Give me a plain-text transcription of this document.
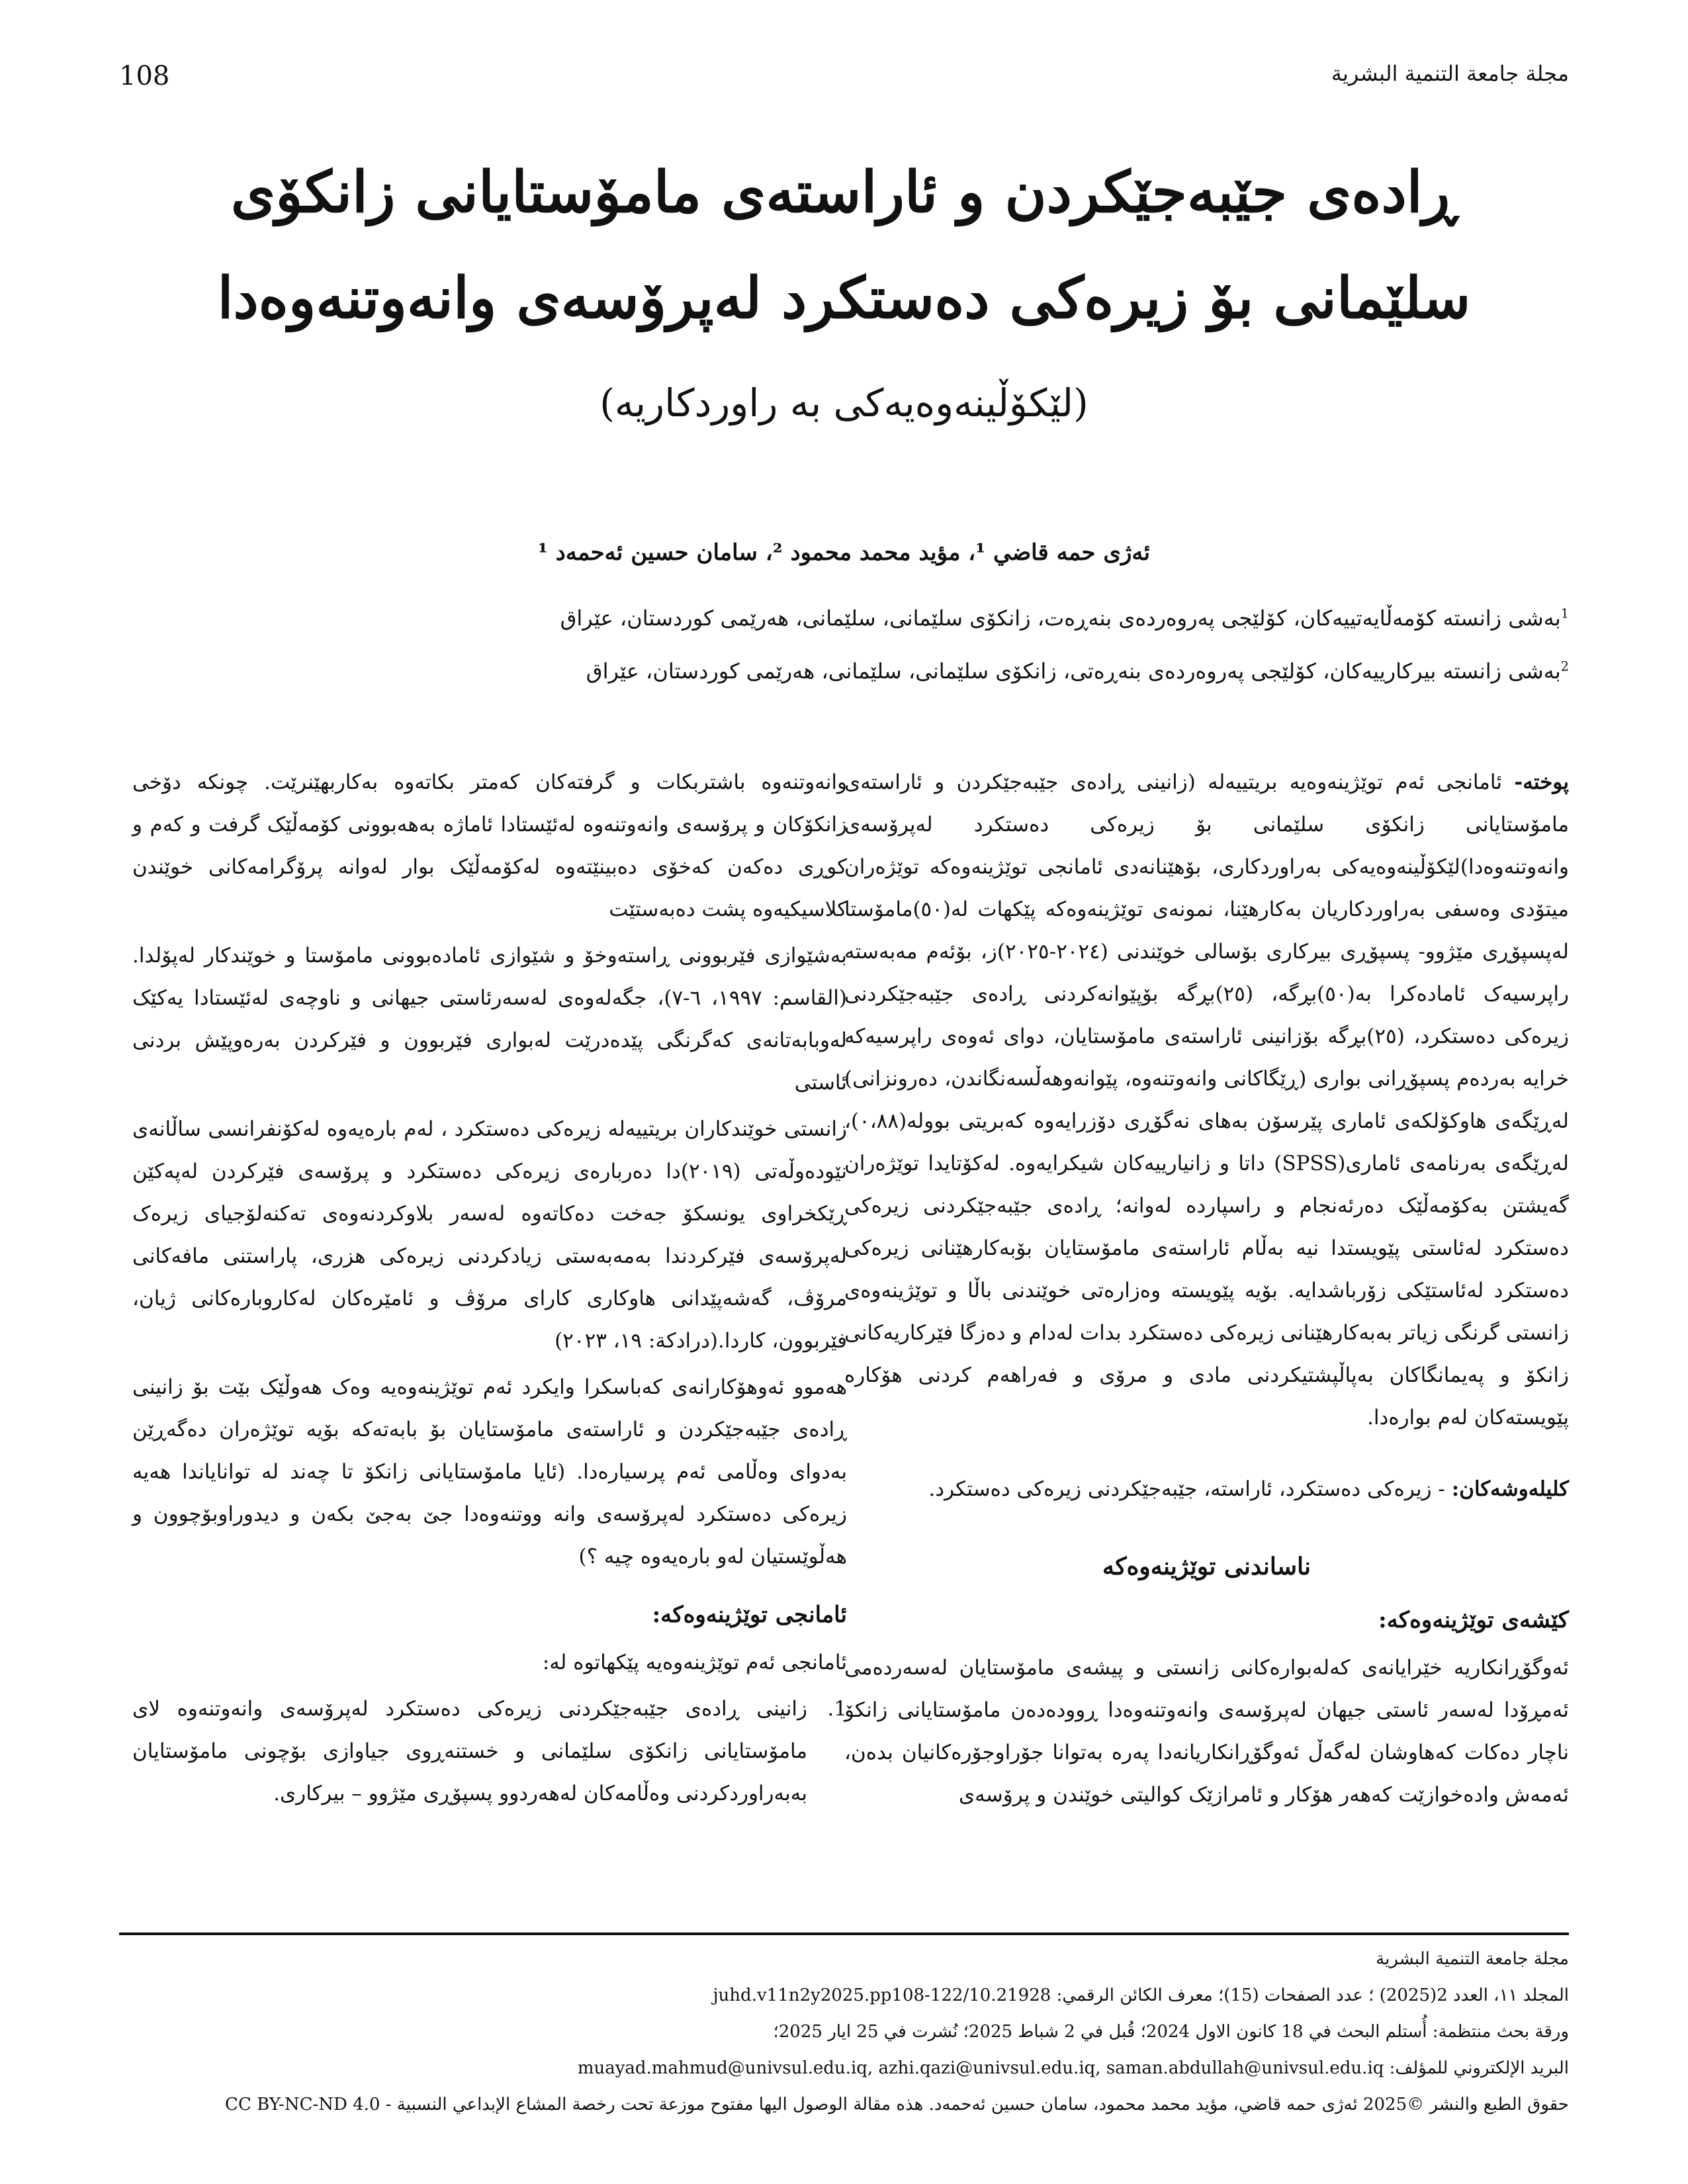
108	مجلة جامعة التنمية البشرية
ڕادەی جێبەجێکردن و ئاراستەی مامۆستایانی زانکۆی
سلێمانی بۆ زیرەکی دەستکرد لەپرۆسەی وانەوتنەوەدا
(لێکۆڵینەوەیەکی بە راوردکاریە)
ئەژی حمە قاضي ¹، مؤید محمد محمود ²، سامان حسین ئەحمەد ¹
$^1$بەشی زانستە کۆمەڵایەتییەکان، کۆلێجی پەروەردەی بنەڕەت، زانکۆی سلێمانی، سلێمانی، هەرێمی کوردستان، عێراق
$^2$بەشی زانستە بیرکارییەکان، کۆلێجی پەروەردەی بنەڕەتی، زانکۆی سلێمانی، سلێمانی، هەرێمی کوردستان، عێراق

پوختە- ئامانجی ئەم توێژینەوەیە بریتییەلە (زانینی ڕادەی جێبەجێکردن و ئاراستەی مامۆستایانی زانکۆی سلێمانی بۆ زیرەکی دەستکرد لەپرۆسەی وانەوتنەوەدا)لێکۆڵینەوەیەکی بەراوردکاری، بۆهێنانەدی ئامانجی توێژینەوەکە توێژەران میتۆدی وەسفی بەراوردکاریان بەکارهێنا، نمونەی توێژینەوەکە پێکهات لە(٥٠)مامۆستا لەپسپۆڕی مێژوو- پسپۆڕی بیرکاری بۆسالی خوێندنی (٢٠٢٤-٢٠٢٥)ز، بۆئەم مەبەستە راپرسیەک ئامادەکرا بە(٥٠)بڕگە، (٢٥)بڕگە بۆپێوانەکردنی ڕادەی جێبەجێکردنی زیرەکی دەستکرد، (٢٥)بڕگە بۆزانینی ئاراستەی مامۆستایان، دوای ئەوەی راپرسیەکە خرایە بەردەم پسپۆڕانی بواری (ڕێگاکانی وانەوتنەوە، پێوانەوهەڵسەنگاندن، دەرونزانی) لەڕێگەی هاوکۆلکەی ئاماری پێرسۆن بەهای نەگۆڕی دۆزرایەوە کەبریتی بوولە(٠،٨٨)، لەڕێگەی بەرنامەی ئاماری(SPSS) داتا و زانیارییەکان شیکرایەوە. لەکۆتایدا توێژەران گەیشتن بەکۆمەڵێک دەرئەنجام و راسپاردە لەوانە؛ ڕادەی جێبەجێکردنی زیرەکی دەستکرد لەئاستی پێویستدا نیە بەڵام ئاراستەی مامۆستایان بۆبەکارهێنانی زیرەکی دەستکرد لەئاستێکی زۆرباشدایە. بۆیە پێویستە وەزارەتی خوێندنی باڵا و توێژینەوەی زانستی گرنگی زیاتر بەبەکارهێنانی زیرەکی دەستکرد بدات لەدام و دەزگا فێرکاریەکانی زانکۆ و پەیمانگاکان بەپاڵپشتیکردنی مادی و مرۆی و فەراهەم کردنی هۆکارە پێویستەکان لەم بوارەدا.

کلیلەوشەکان: - زیرەکی دەستکرد، ئاراستە، جێبەجێکردنی زیرەکی دەستکرد.

ناساندنی توێژینەوەکە
کێشەی توێژینەوەکە:

ئەوگۆڕانکاریە خێرایانەی کەلەبوارەکانی زانستی و پیشەی مامۆستایان لەسەردەمی ئەمڕۆدا لەسەر ئاستی جیهان لەپرۆسەی وانەوتنەوەدا ڕوودەدەن مامۆستایانی زانکۆ ناچار دەکات کەهاوشان لەگەڵ ئەوگۆڕانکاریانەدا پەرە بەتوانا جۆراوجۆرەکانیان بدەن، ئەمەش وادەخوازێت کەهەر هۆکار و ئامرازێک کوالیتی خوێندن و پرۆسەی

وانەوتنەوە باشتربکات و گرفتەکان کەمتر بکاتەوە بەکاربهێنرێت. چونکە دۆخی زانکۆکان و پرۆسەی وانەوتنەوە لەئێستادا ئاماژە بەهەبوونی کۆمەڵێک گرفت و کەم و کوڕی دەکەن کەخۆی دەبینێتەوە لەکۆمەڵێک بوار لەوانە پرۆگرامەکانی خوێندن کلاسیکیەوە پشت دەبەستێت

بەشێوازی فێربوونی ڕاستەوخۆ و شێوازی ئامادەبوونی مامۆستا و خوێندکار لەپۆلدا.(القاسم: ١٩٩٧، ٦-٧)، جگەلەوەی لەسەرئاستی جیهانی و ناوچەی لەئێستادا یەکێک لەوبابەتانەی کەگرنگی پێدەدرێت لەبواری فێربوون و فێرکردن بەرەوپێش بردنی ئاستی

زانستی خوێندکاران بریتییەلە زیرەکی دەستکرد ، لەم بارەیەوە لەکۆنفرانسی ساڵانەی نێودەوڵەتی (٢٠١٩)دا دەربارەی زیرەکی دەستکرد و پرۆسەی فێرکردن لەپەکێن ڕێکخراوی یونسکۆ جەخت دەکاتەوە لەسەر بلاوکردنەوەی تەکنەلۆجیای زیرەک لەپرۆسەی فێرکردندا بەمەبەستی زیادکردنی زیرەکی هزری، پاراستنی مافەکانی مرۆڤ، گەشەپێدانی هاوکاری کارای مرۆڤ و ئامێرەکان لەکاروبارەکانی ژیان، فێربوون، کاردا.(درادکة: ١٩، ٢٠٢٣)

هەموو ئەوهۆکارانەی کەباسکرا وایکرد ئەم توێژینەوەیە وەک هەوڵێک بێت بۆ زانینی ڕادەی جێبەجێکردن و ئاراستەی مامۆستایان بۆ بابەتەکە بۆیە توێژەران دەگەڕێن بەدوای وەڵامی ئەم پرسیارەدا. (ئایا مامۆستایانی زانکۆ تا چەند لە توانایاندا هەیە زیرەکی دەستکرد لەپرۆسەی وانە ووتنەوەدا جێ بەجێ بکەن و دیدوراوبۆچوون و هەڵوێستیان لەو بارەیەوە چیە ؟)

ئامانجی توێژینەوەکە:

ئامانجی ئەم توێژینەوەیە پێکهاتوە لە:

1.
زانینی ڕادەی جێبەجێکردنی زیرەکی دەستکرد لەپرۆسەی وانەوتنەوە لای مامۆستایانی زانکۆی سلێمانی و خستنەڕوی جیاوازی بۆچونی مامۆستایان بەبەراوردکردنی وەڵامەکان لەهەردوو پسپۆڕی مێژوو – بیرکاری.

مجلة جامعة التنمية البشرية
المجلد ١١، العدد 2(2025) ؛ عدد الصفحات (15)؛ معرف الكائن الرقمي: 10.21928/juhd.v11n2y2025.pp108-122
ورقة بحث منتظمة: أُستلم البحث في 18 كانون الاول 2024؛ قُبل في 2 شباط 2025؛ نُشرت في 25 ايار 2025؛
البريد الإلكتروني للمؤلف: muayad.mahmud@univsul.edu.iq, azhi.qazi@univsul.edu.iq, saman.abdullah@univsul.edu.iq
حقوق الطبع والنشر ©2025 ئەژی حمە قاضي، مؤید محمد محمود، سامان حسین ئەحمەد. هذه مقالة الوصول اليها مفتوح موزعة تحت رخصة المشاع الإبداعي النسبية - CC BY-NC-ND 4.0
